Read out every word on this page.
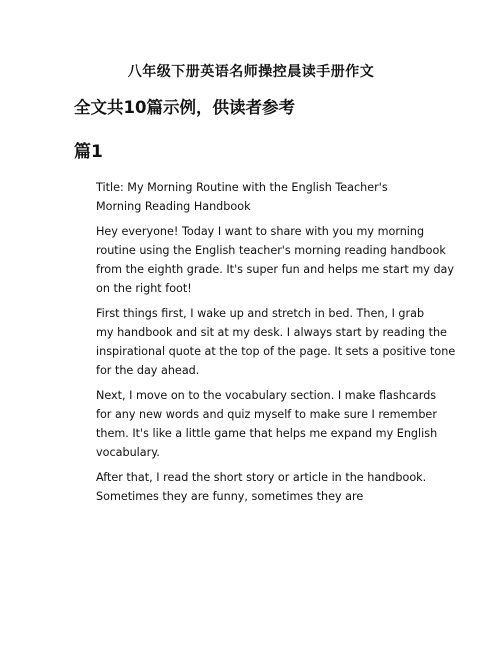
八年级下册英语名师操控晨读手册作文
全文共10篇示例，供读者参考
篇1

Title: My Morning Routine with the English Teacher's
Morning Reading Handbook

Hey everyone! Today I want to share with you my morning
routine using the English teacher's morning reading handbook
from the eighth grade. It's super fun and helps me start my day
on the right foot!

First things first, I wake up and stretch in bed. Then, I grab
my handbook and sit at my desk. I always start by reading the
inspirational quote at the top of the page. It sets a positive tone
for the day ahead.

Next, I move on to the vocabulary section. I make flashcards
for any new words and quiz myself to make sure I remember
them. It's like a little game that helps me expand my English
vocabulary.

After that, I read the short story or article in the handbook.
Sometimes they are funny, sometimes they are
